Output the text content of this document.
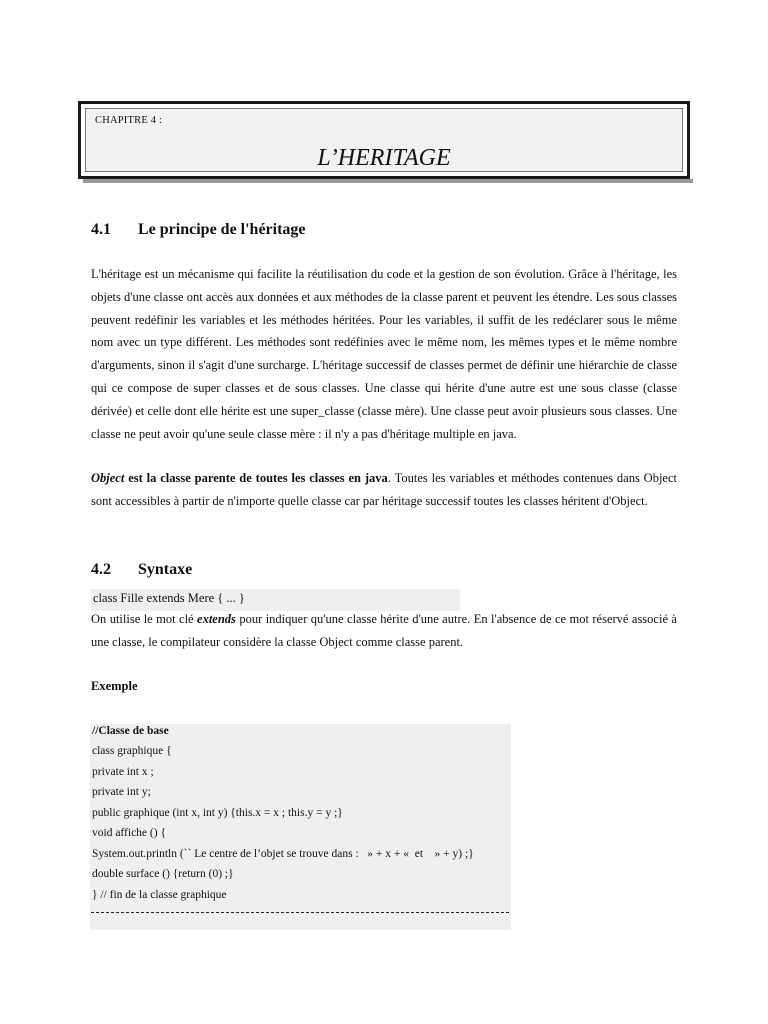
CHAPITRE 4 :
L’HERITAGE
4.1 Le principe de l'héritage

L'héritage est un mécanisme qui facilite la réutilisation du code et la gestion de son évolution. Grâce à l'héritage, les objets d'une classe ont accès aux données et aux méthodes de la classe parent et peuvent les étendre. Les sous classes peuvent redéfinir les variables et les méthodes héritées. Pour les variables, il suffit de les redéclarer sous le même nom avec un type différent. Les méthodes sont redéfinies avec le même nom, les mêmes types et le même nombre d'arguments, sinon il s'agit d'une surcharge. L'héritage successif de classes permet de définir une hiérarchie de classe qui ce compose de super classes et de sous classes. Une classe qui hérite d'une autre est une sous classe (classe dérivée) et celle dont elle hérite est une super_classe (classe mère). Une classe peut avoir plusieurs sous classes. Une classe ne peut avoir qu'une seule classe mère : il n'y a pas d'héritage multiple en java.

Object est la classe parente de toutes les classes en java. Toutes les variables et méthodes contenues dans Object sont accessibles à partir de n'importe quelle classe car par héritage successif toutes les classes héritent d'Object.

4.2 Syntaxe
class Fille extends Mere { ... }

On utilise le mot clé extends pour indiquer qu'une classe hérite d'une autre. En l'absence de ce mot réservé associé à une classe, le compilateur considère la classe Object comme classe parent.

Exemple
//Classe de base
class graphique {
private int x ;
private int y;
public graphique (int x, int y) {this.x = x ; this.y = y ;}
void affiche () {
System.out.println (`` Le centre de l’objet se trouve dans :   » + x + «  et    » + y) ;}
double surface () {return (0) ;}
} // fin de la classe graphique
